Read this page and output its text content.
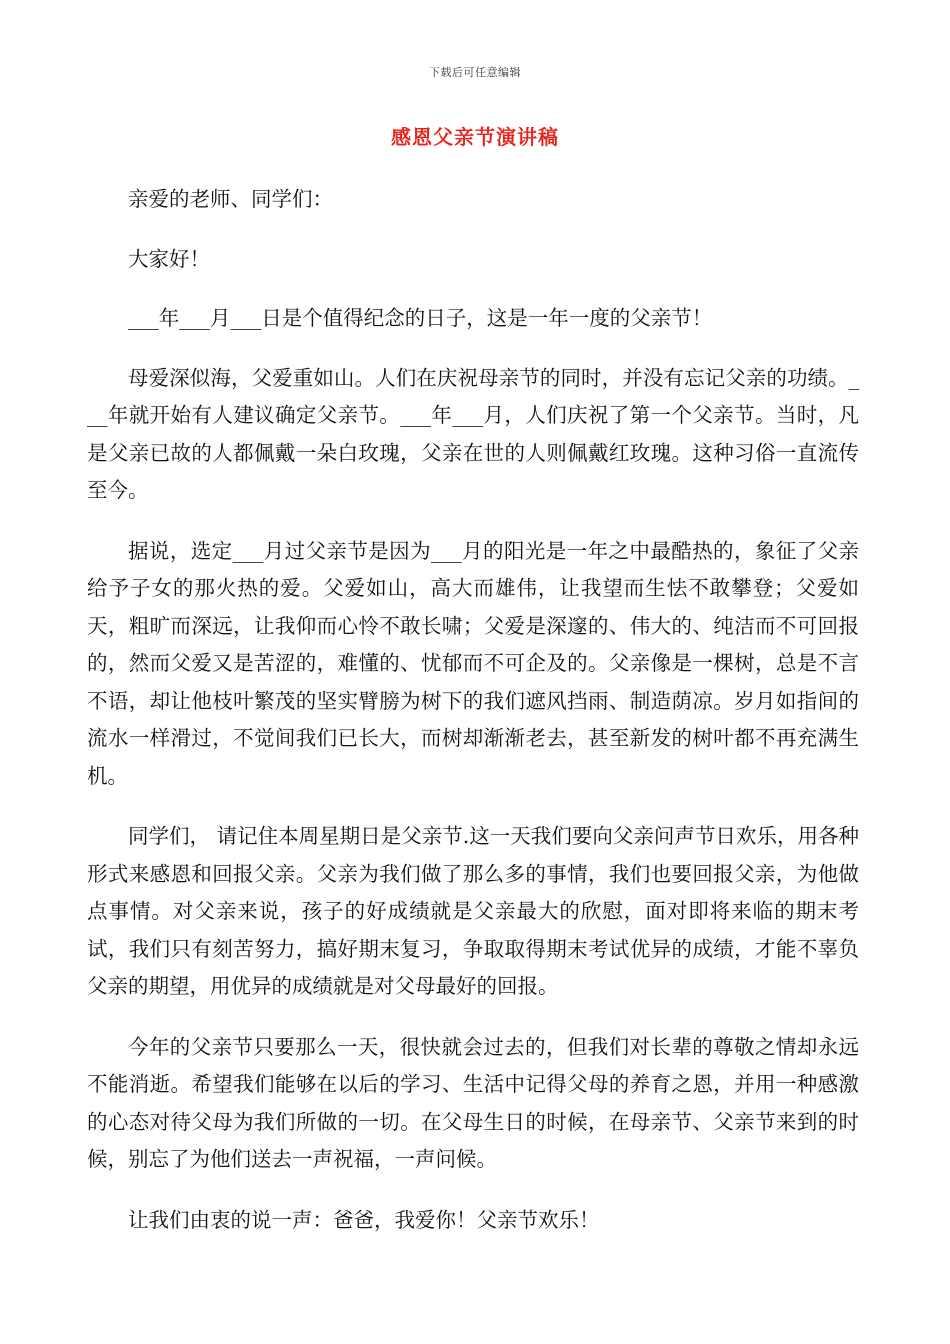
下载后可任意编辑
感恩父亲节演讲稿

亲爱的老师、同学们：

大家好！

___年___月___日是个值得纪念的日子，这是一年一度的父亲节！

母爱深似海，父爱重如山。人们在庆祝母亲节的同时，并没有忘记父亲的功绩。___年就开始有人建议确定父亲节。___年___月，人们庆祝了第一个父亲节。当时，凡是父亲已故的人都佩戴一朵白玫瑰，父亲在世的人则佩戴红玫瑰。这种习俗一直流传至今。

据说，选定___月过父亲节是因为___月的阳光是一年之中最酷热的，象征了父亲给予子女的那火热的爱。父爱如山，高大而雄伟，让我望而生怯不敢攀登；父爱如天，粗旷而深远，让我仰而心怜不敢长啸；父爱是深邃的、伟大的、纯洁而不可回报的，然而父爱又是苦涩的，难懂的、忧郁而不可企及的。父亲像是一棵树，总是不言不语，却让他枝叶繁茂的坚实臂膀为树下的我们遮风挡雨、制造荫凉。岁月如指间的流水一样滑过，不觉间我们已长大，而树却渐渐老去，甚至新发的树叶都不再充满生机。

同学们， 请记住本周星期日是父亲节.这一天我们要向父亲问声节日欢乐，用各种形式来感恩和回报父亲。父亲为我们做了那么多的事情，我们也要回报父亲，为他做点事情。对父亲来说，孩子的好成绩就是父亲最大的欣慰，面对即将来临的期末考试，我们只有刻苦努力，搞好期末复习，争取取得期末考试优异的成绩，才能不辜负父亲的期望，用优异的成绩就是对父母最好的回报。

今年的父亲节只要那么一天，很快就会过去的，但我们对长辈的尊敬之情却永远不能消逝。希望我们能够在以后的学习、生活中记得父母的养育之恩，并用一种感激的心态对待父母为我们所做的一切。在父母生日的时候，在母亲节、父亲节来到的时候，别忘了为他们送去一声祝福，一声问候。

让我们由衷的说一声：爸爸，我爱你！父亲节欢乐！
